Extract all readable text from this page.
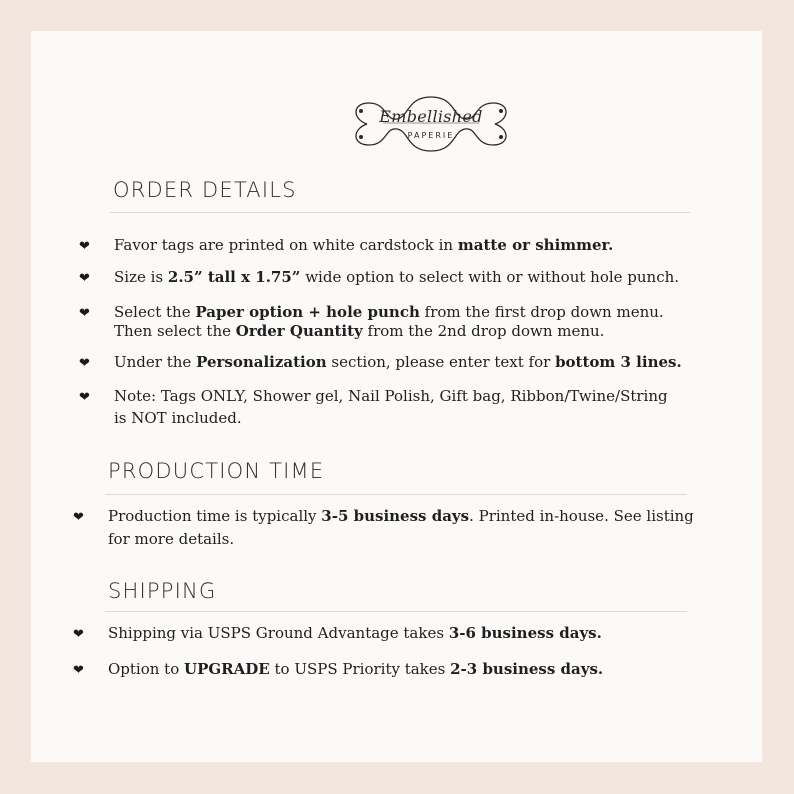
Embellished
PAPERIE
ORDER DETAILS
❤ Favor tags are printed on white cardstock in matte or shimmer.
❤ Size is 2.5” tall x 1.75” wide option to select with or without hole punch.
❤ Select the Paper option + hole punch from the first drop down menu.
Then select the Order Quantity from the 2nd drop down menu.
❤ Under the Personalization section, please enter text for bottom 3 lines.
❤ Note: Tags ONLY, Shower gel, Nail Polish, Gift bag, Ribbon/Twine/String
is NOT included.
PRODUCTION TIME
❤ Production time is typically 3-5 business days. Printed in-house. See listing
for more details.
SHIPPING
❤ Shipping via USPS Ground Advantage takes 3-6 business days.
❤ Option to UPGRADE to USPS Priority takes 2-3 business days.
